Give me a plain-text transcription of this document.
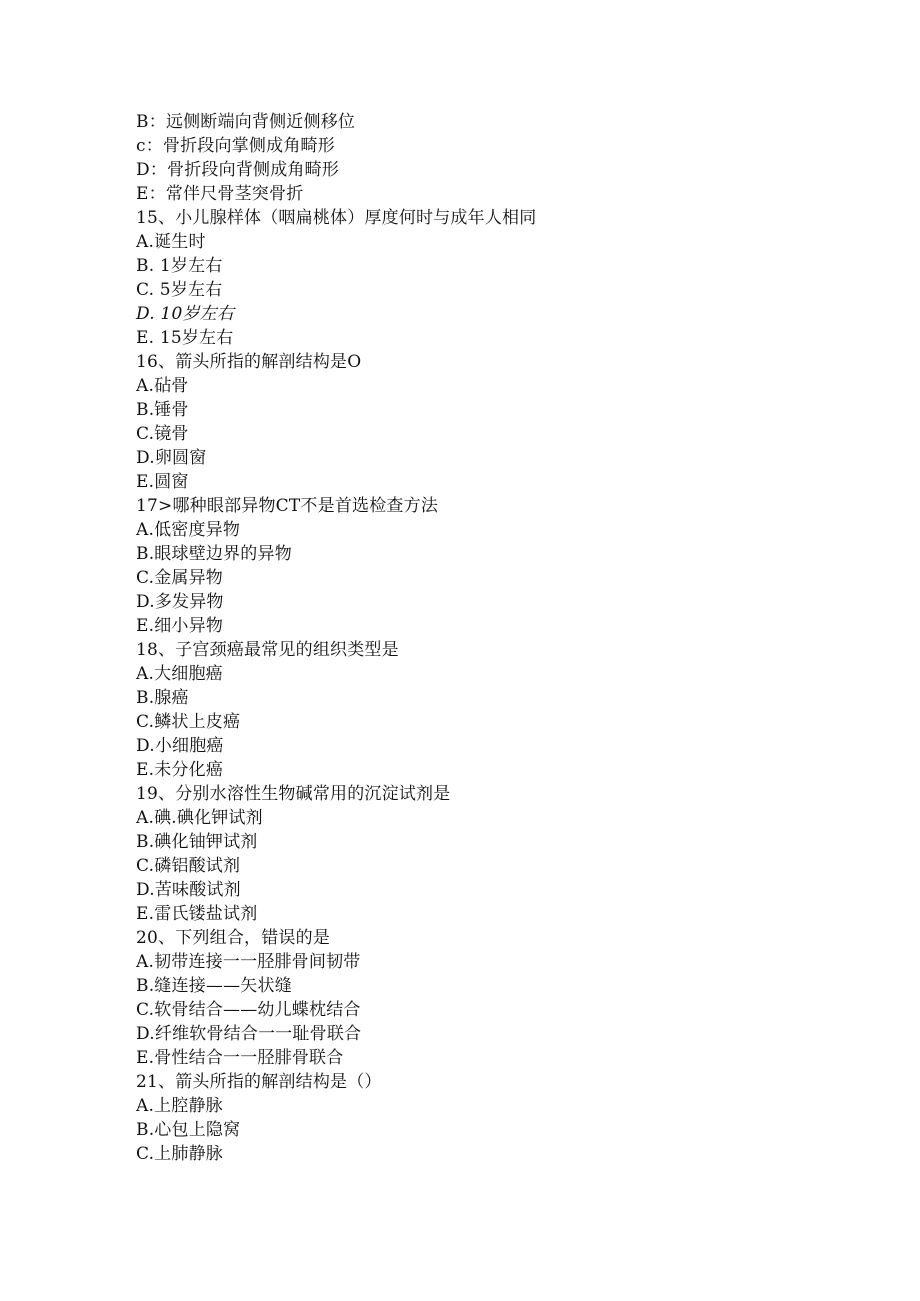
B：远侧断端向背侧近侧移位
c：骨折段向掌侧成角畸形
D：骨折段向背侧成角畸形
E：常伴尺骨茎突骨折
15、小儿腺样体（咽扁桃体）厚度何时与成年人相同
A.诞生时
B. 1岁左右
C. 5岁左右
D. 10岁左右
E. 15岁左右
16、箭头所指的解剖结构是O
A.砧骨
B.锤骨
C.镜骨
D.卵圆窗
E.圆窗
17>哪种眼部异物CT不是首选检查方法
A.低密度异物
B.眼球壁边界的异物
C.金属异物
D.多发异物
E.细小异物
18、子宫颈癌最常见的组织类型是
A.大细胞癌
B.腺癌
C.鳞状上皮癌
D.小细胞癌
E.未分化癌
19、分别水溶性生物碱常用的沉淀试剂是
A.碘.碘化钾试剂
B.碘化铀钾试剂
C.磷铝酸试剂
D.苦味酸试剂
E.雷氏镂盐试剂
20、下列组合，错误的是
A.韧带连接一一胫腓骨间韧带
B.缝连接——矢状缝
C.软骨结合——幼儿蝶枕结合
D.纤维软骨结合一一耻骨联合
E.骨性结合一一胫腓骨联合
21、箭头所指的解剖结构是（）
A.上腔静脉
B.心包上隐窝
C.上肺静脉
